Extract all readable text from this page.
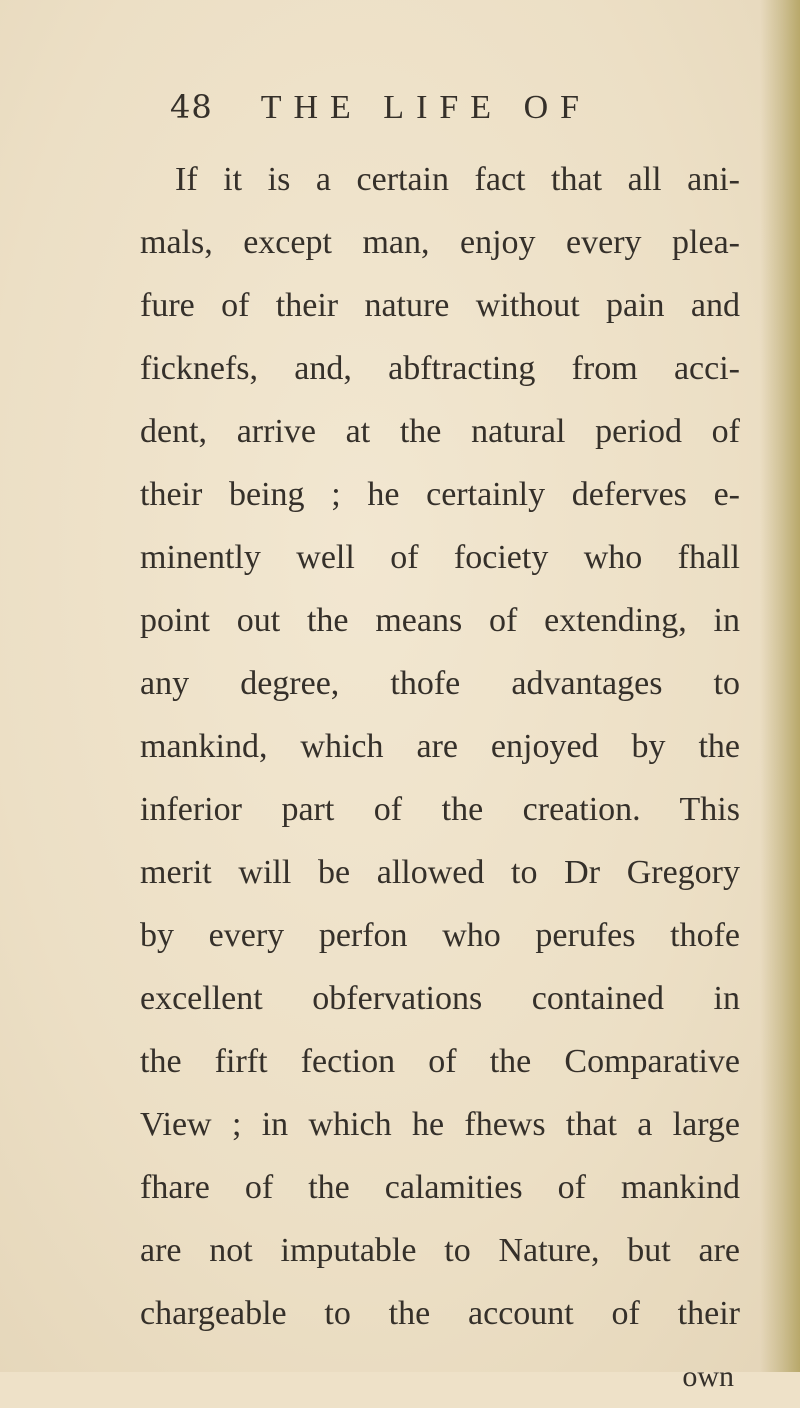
48 THE LIFE OF
If it is a certain fact that all ani-
mals, except man, enjoy every plea-
fure of their nature without pain and
ficknefs, and, abftracting from acci-
dent, arrive at the natural period of
their being ; he certainly deferves e-
minently well of fociety who fhall
point out the means of extending, in
any degree, thofe advantages to
mankind, which are enjoyed by the
inferior part of the creation. This
merit will be allowed to Dr Gregory
by every perfon who perufes thofe
excellent obfervations contained in
the firft fection of the Comparative
View ; in which he fhews that a large
fhare of the calamities of mankind
are not imputable to Nature, but are
chargeable to the account of their
own
